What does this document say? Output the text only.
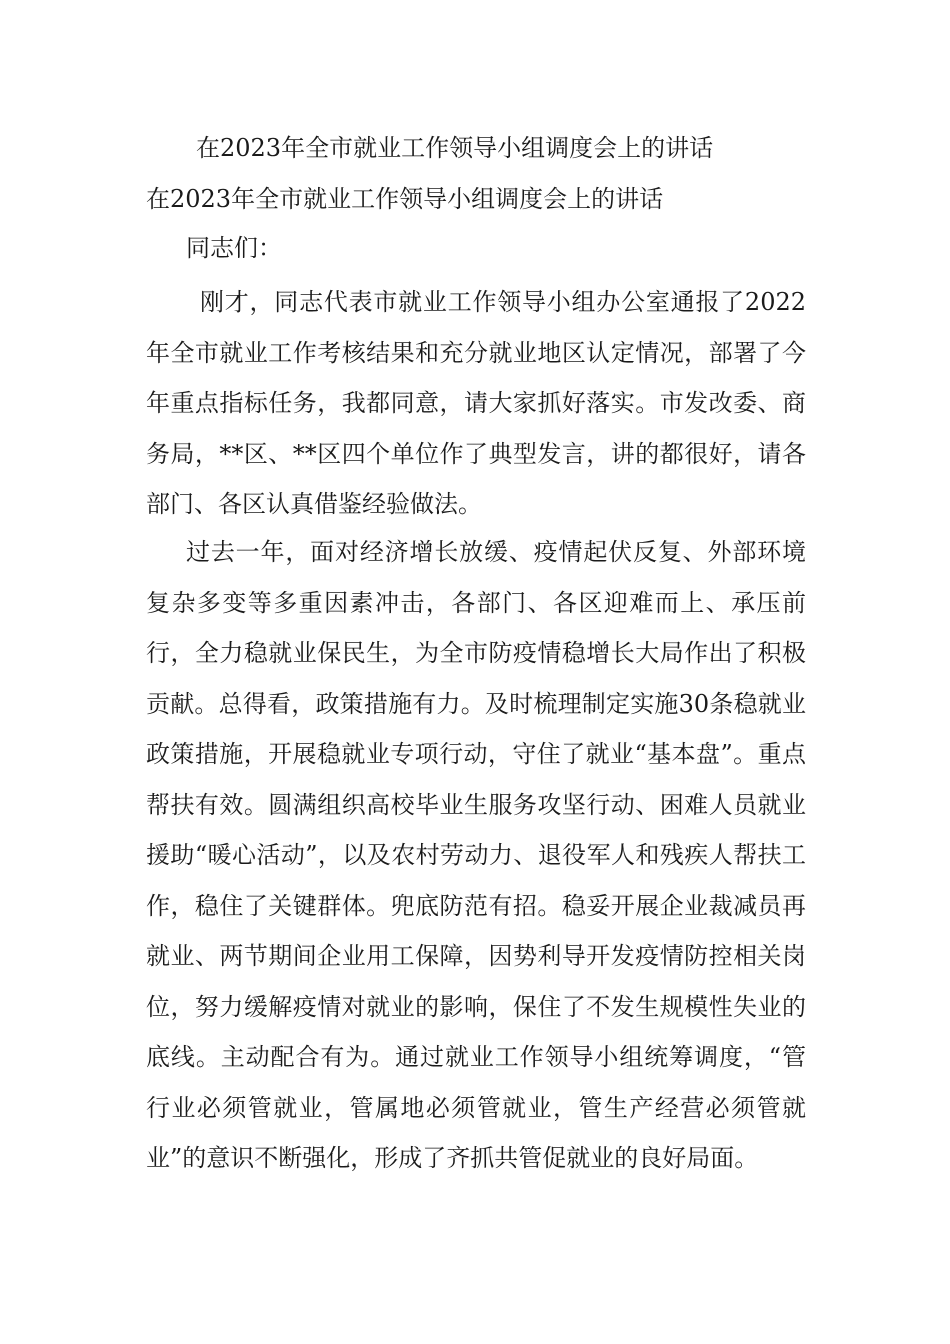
在2023年全市就业工作领导小组调度会上的讲话
在2023年全市就业工作领导小组调度会上的讲话

同志们：

刚才，同志代表市就业工作领导小组办公室通报了2022年全市就业工作考核结果和充分就业地区认定情况，部署了今年重点指标任务，我都同意，请大家抓好落实。市发改委、商务局，**区、**区四个单位作了典型发言，讲的都很好，请各部门、各区认真借鉴经验做法。

过去一年，面对经济增长放缓、疫情起伏反复、外部环境复杂多变等多重因素冲击，各部门、各区迎难而上、承压前行，全力稳就业保民生，为全市防疫情稳增长大局作出了积极贡献。总得看，政策措施有力。及时梳理制定实施30条稳就业政策措施，开展稳就业专项行动，守住了就业“基本盘”。重点帮扶有效。圆满组织高校毕业生服务攻坚行动、困难人员就业援助“暖心活动”，以及农村劳动力、退役军人和残疾人帮扶工作，稳住了关键群体。兜底防范有招。稳妥开展企业裁减员再就业、两节期间企业用工保障，因势利导开发疫情防控相关岗位，努力缓解疫情对就业的影响，保住了不发生规模性失业的底线。主动配合有为。通过就业工作领导小组统筹调度，“管行业必须管就业，管属地必须管就业，管生产经营必须管就业”的意识不断强化，形成了齐抓共管促就业的良好局面。
